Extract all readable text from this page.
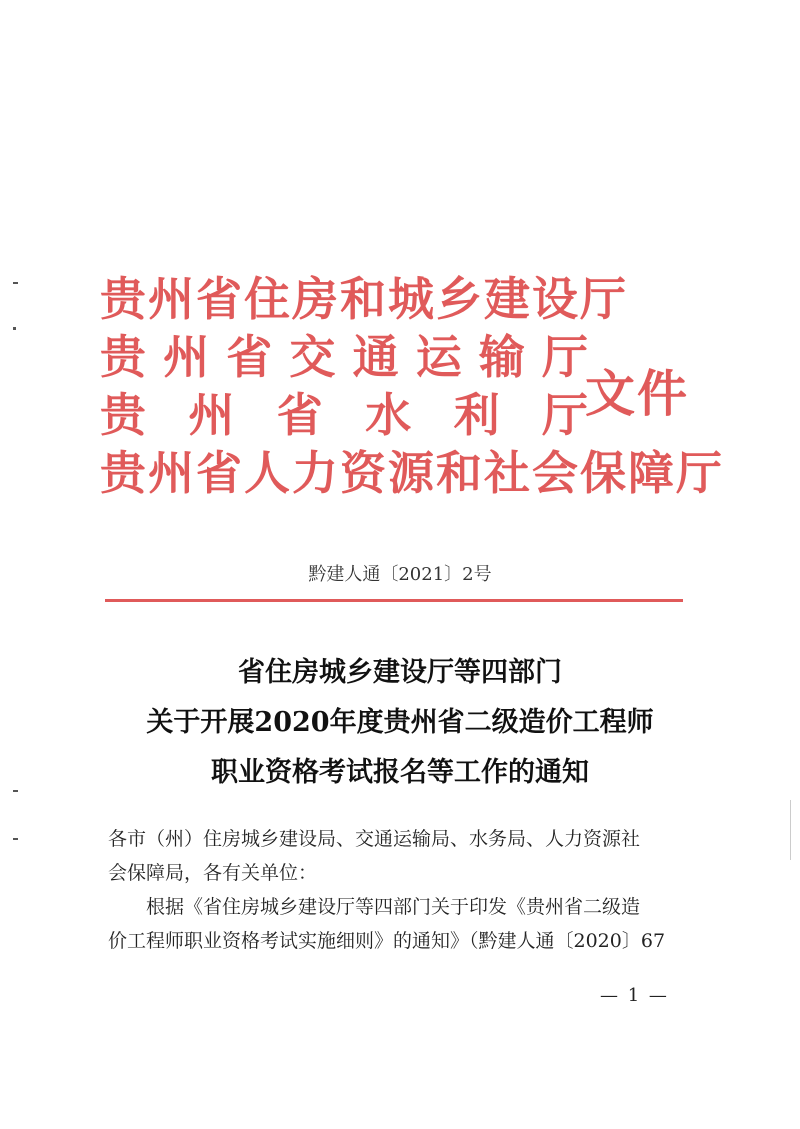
贵州省住房和城乡建设厅
贵州省交通运输厅
贵州省水利厅
贵州省人力资源和社会保障厅
文件
黔建人通〔2021〕2号
省住房城乡建设厅等四部门
关于开展2020年度贵州省二级造价工程师
职业资格考试报名等工作的通知

各市（州）住房城乡建设局、交通运输局、水务局、人力资源社

会保障局，各有关单位：

根据《省住房城乡建设厅等四部门关于印发《贵州省二级造

价工程师职业资格考试实施细则》的通知》（黔建人通〔2020〕67

— 1 —
